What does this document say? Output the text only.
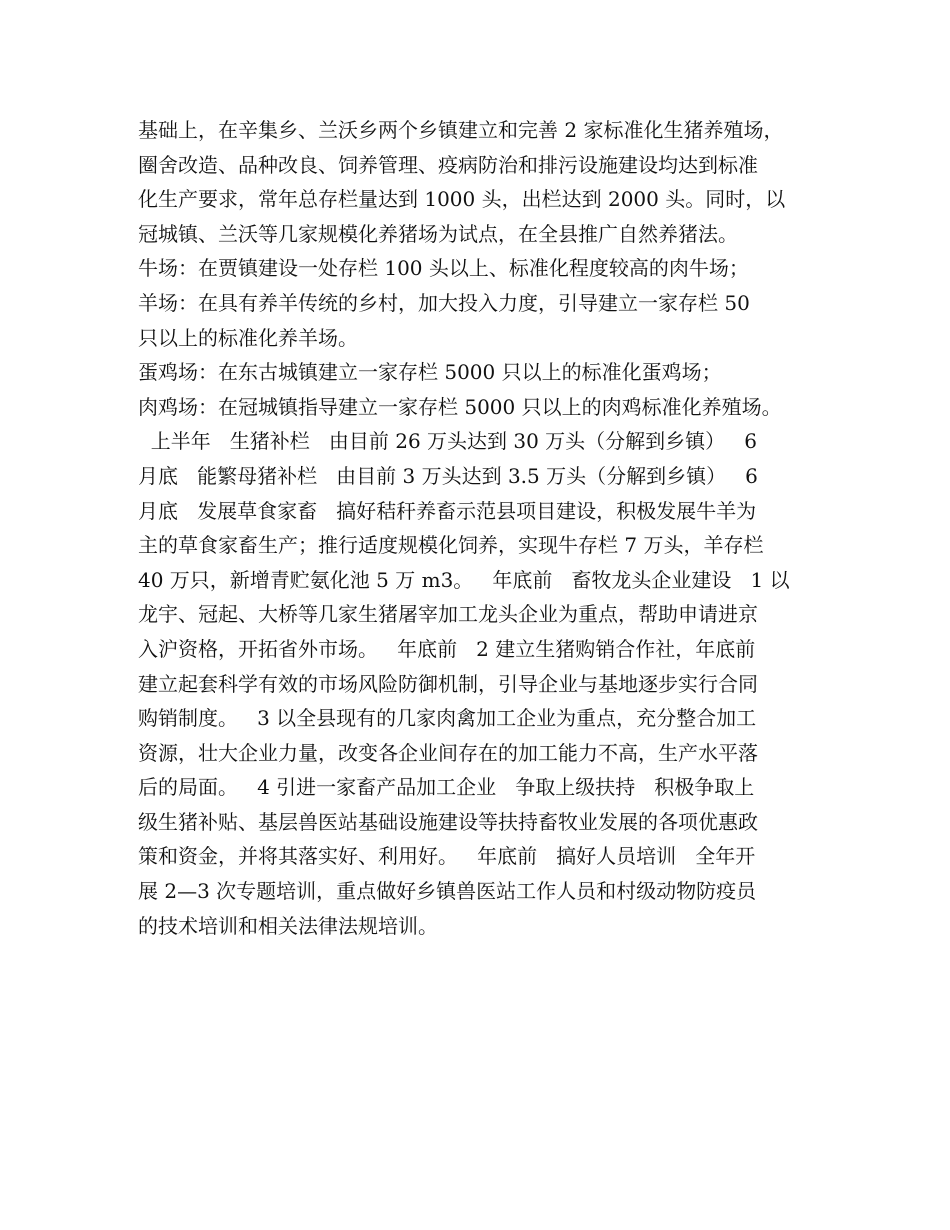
基础上，在辛集乡、兰沃乡两个乡镇建立和完善 2 家标准化生猪养殖场，
圈舍改造、品种改良、饲养管理、疫病防治和排污设施建设均达到标准
化生产要求，常年总存栏量达到 1000 头，出栏达到 2000 头。同时，以
冠城镇、兰沃等几家规模化养猪场为试点，在全县推广自然养猪法。
牛场：在贾镇建设一处存栏 100 头以上、标准化程度较高的肉牛场；
羊场：在具有养羊传统的乡村，加大投入力度，引导建立一家存栏 50
只以上的标准化养羊场。
蛋鸡场：在东古城镇建立一家存栏 5000 只以上的标准化蛋鸡场；
肉鸡场：在冠城镇指导建立一家存栏 5000 只以上的肉鸡标准化养殖场。
上半年   生猪补栏   由目前 26 万头达到 30 万头（分解到乡镇）   6
月底   能繁母猪补栏   由目前 3 万头达到 3.5 万头（分解到乡镇）   6
月底   发展草食家畜   搞好秸秆养畜示范县项目建设，积极发展牛羊为
主的草食家畜生产；推行适度规模化饲养，实现牛存栏 7 万头，羊存栏
40 万只，新增青贮氨化池 5 万 m3。   年底前   畜牧龙头企业建设   1 以
龙宇、冠起、大桥等几家生猪屠宰加工龙头企业为重点，帮助申请进京
入沪资格，开拓省外市场。   年底前   2 建立生猪购销合作社，年底前
建立起套科学有效的市场风险防御机制，引导企业与基地逐步实行合同
购销制度。   3 以全县现有的几家肉禽加工企业为重点，充分整合加工
资源，壮大企业力量，改变各企业间存在的加工能力不高，生产水平落
后的局面。   4 引进一家畜产品加工企业   争取上级扶持   积极争取上
级生猪补贴、基层兽医站基础设施建设等扶持畜牧业发展的各项优惠政
策和资金，并将其落实好、利用好。   年底前   搞好人员培训   全年开
展 2—3 次专题培训，重点做好乡镇兽医站工作人员和村级动物防疫员
的技术培训和相关法律法规培训。
